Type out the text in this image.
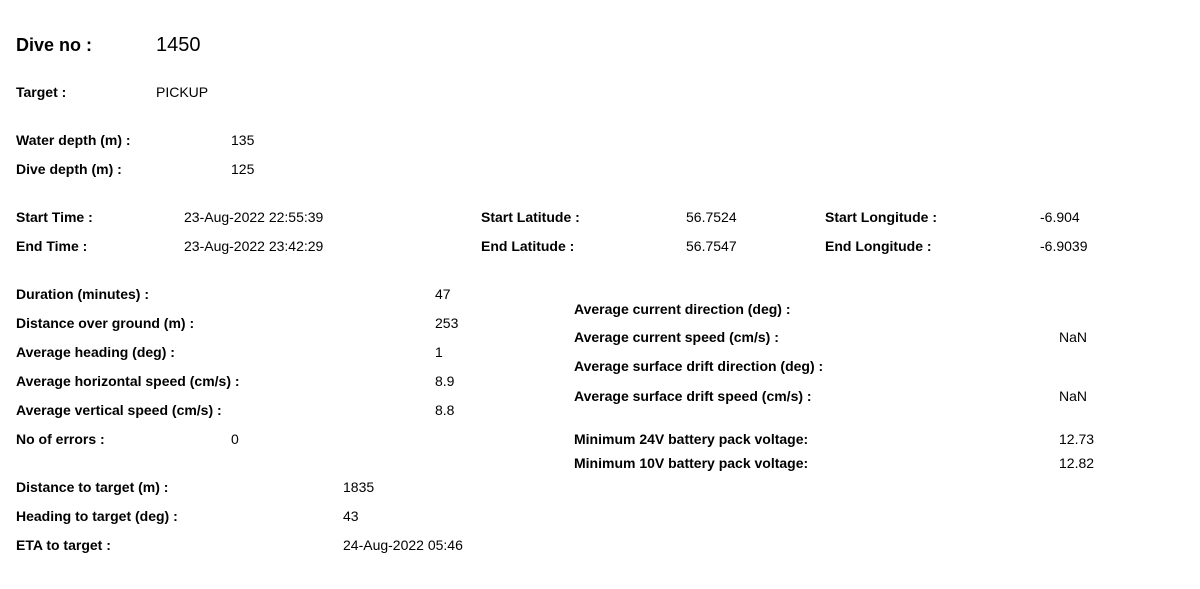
Dive no :	1450
Target :	PICKUP
Water depth (m) :	135
Dive depth (m) :	125
Start Time :	23-Aug-2022 22:55:39
End Time :	23-Aug-2022 23:42:29
Start Latitude :	56.7524
End Latitude :	56.7547
Start Longitude :	-6.904
End Longitude :	-6.9039
Duration (minutes) :	47
Distance over ground (m) :	253
Average heading (deg) :	1
Average horizontal speed (cm/s) :	8.9
Average vertical speed (cm/s) :	8.8
No of errors :	0
Distance to target (m) :	1835
Heading to target (deg) :	43
ETA to target :	24-Aug-2022 05:46
Average current direction (deg) :
Average current speed (cm/s) :	NaN
Average surface drift direction (deg) :
Average surface drift speed (cm/s) :	NaN
Minimum 24V battery pack voltage:	12.73
Minimum 10V battery pack voltage:	12.82
